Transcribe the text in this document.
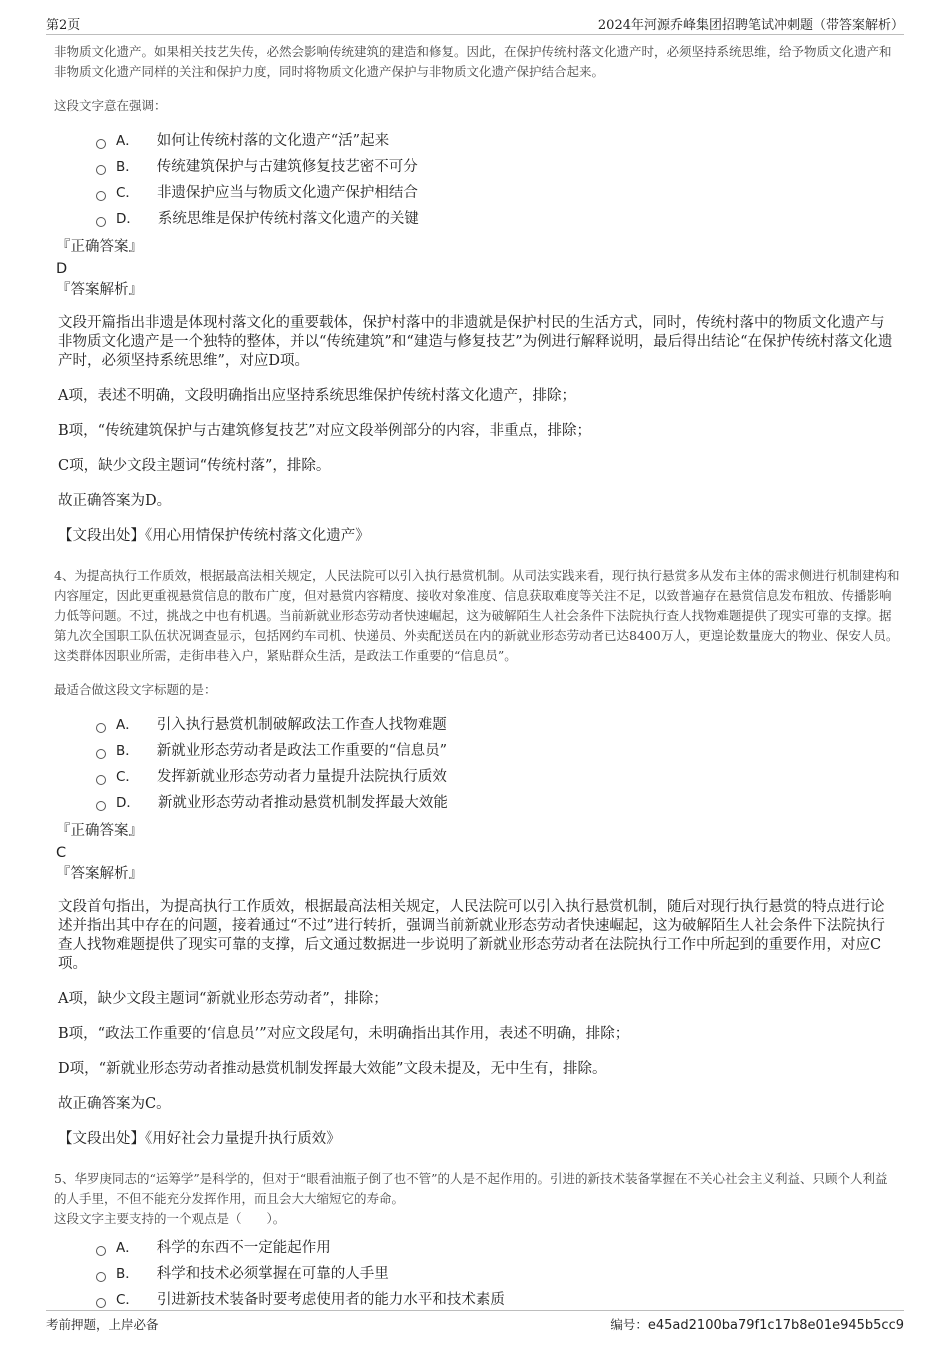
第2页	2024年河源乔峰集团招聘笔试冲刺题（带答案解析）

非物质文化遗产。如果相关技艺失传，必然会影响传统建筑的建造和修复。因此，在保护传统村落文化遗产时，必须坚持系统思维，给予物质文化遗产和非物质文化遗产同样的关注和保护力度，同时将物质文化遗产保护与非物质文化遗产保护结合起来。

这段文字意在强调：

A． 如何让传统村落的文化遗产“活”起来
B． 传统建筑保护与古建筑修复技艺密不可分
C． 非遗保护应当与物质文化遗产保护相结合
D． 系统思维是保护传统村落文化遗产的关键
『正确答案』
D
『答案解析』

文段开篇指出非遗是体现村落文化的重要载体，保护村落中的非遗就是保护村民的生活方式，同时，传统村落中的物质文化遗产与非物质文化遗产是一个独特的整体，并以“传统建筑”和“建造与修复技艺”为例进行解释说明，最后得出结论“在保护传统村落文化遗产时，必须坚持系统思维”，对应D项。

A项，表述不明确，文段明确指出应坚持系统思维保护传统村落文化遗产，排除；

B项，“传统建筑保护与古建筑修复技艺”对应文段举例部分的内容，非重点，排除；

C项，缺少文段主题词“传统村落”，排除。

故正确答案为D。

【文段出处】《用心用情保护传统村落文化遗产》

4、为提高执行工作质效，根据最高法相关规定，人民法院可以引入执行悬赏机制。从司法实践来看，现行执行悬赏多从发布主体的需求侧进行机制建构和内容厘定，因此更重视悬赏信息的散布广度，但对悬赏内容精度、接收对象准度、信息获取难度等关注不足，以致普遍存在悬赏信息发布粗放、传播影响力低等问题。不过，挑战之中也有机遇。当前新就业形态劳动者快速崛起，这为破解陌生人社会条件下法院执行查人找物难题提供了现实可靠的支撑。据第九次全国职工队伍状况调查显示，包括网约车司机、快递员、外卖配送员在内的新就业形态劳动者已达8400万人，更遑论数量庞大的物业、保安人员。这类群体因职业所需，走街串巷入户，紧贴群众生活，是政法工作重要的“信息员”。

最适合做这段文字标题的是：

A． 引入执行悬赏机制破解政法工作查人找物难题
B． 新就业形态劳动者是政法工作重要的“信息员”
C． 发挥新就业形态劳动者力量提升法院执行质效
D． 新就业形态劳动者推动悬赏机制发挥最大效能
『正确答案』
C
『答案解析』

文段首句指出，为提高执行工作质效，根据最高法相关规定，人民法院可以引入执行悬赏机制，随后对现行执行悬赏的特点进行论述并指出其中存在的问题，接着通过“不过”进行转折，强调当前新就业形态劳动者快速崛起，这为破解陌生人社会条件下法院执行查人找物难题提供了现实可靠的支撑，后文通过数据进一步说明了新就业形态劳动者在法院执行工作中所起到的重要作用，对应C项。

A项，缺少文段主题词“新就业形态劳动者”，排除；

B项，“政法工作重要的‘信息员’”对应文段尾句，未明确指出其作用，表述不明确，排除；

D项，“新就业形态劳动者推动悬赏机制发挥最大效能”文段未提及，无中生有，排除。

故正确答案为C。

【文段出处】《用好社会力量提升执行质效》

5、华罗庚同志的“运筹学”是科学的，但对于“眼看油瓶子倒了也不管”的人是不起作用的。引进的新技术装备掌握在不关心社会主义利益、只顾个人利益的人手里，不但不能充分发挥作用，而且会大大缩短它的寿命。

这段文字主要支持的一个观点是（　　）。

A． 科学的东西不一定能起作用
B． 科学和技术必须掌握在可靠的人手里
C． 引进新技术装备时要考虑使用者的能力水平和技术素质
考前押题，上岸必备	编号：e45ad2100ba79f1c17b8e01e945b5cc9
